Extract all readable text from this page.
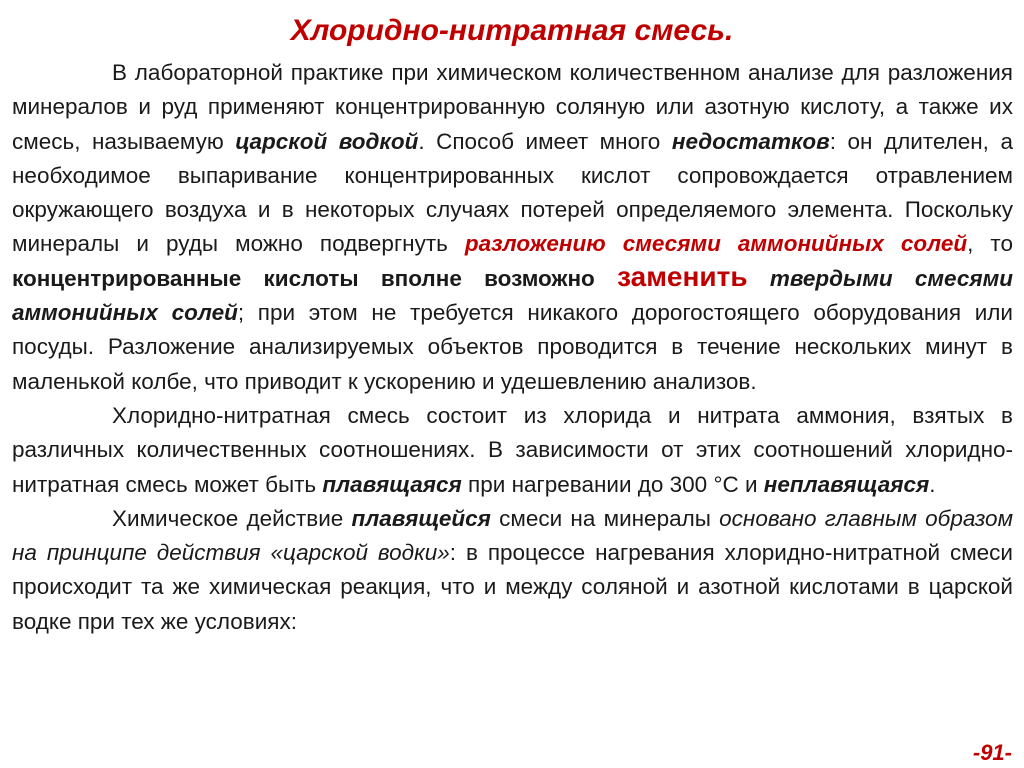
Хлоридно-нитратная смесь.

В лабораторной практике при химическом количественном анализе для разложения минералов и руд применяют концентрированную соляную или азотную кислоту, а также их смесь, называемую царской водкой. Способ имеет много недостатков: он длителен, а необходимое выпаривание концентрированных кислот сопровождается отравлением окружающего воздуха и в некоторых случаях потерей определяемого элемента. Поскольку минералы и руды можно подвергнуть разложению смесями аммонийных солей, то концентрированные кислоты вполне возможно заменить твердыми смесями аммонийных солей; при этом не требуется никакого дорогостоящего оборудования или посуды. Разложение анализируемых объектов проводится в течение нескольких минут в маленькой колбе, что приводит к ускорению и удешевлению анализов.

Хлоридно-нитратная смесь состоит из хлорида и нитрата аммония, взятых в различных количественных соотношениях. В зависимости от этих соотношений хлоридно-нитратная смесь может быть плавящаяся при нагревании до 300 °С и неплавящаяся.

Химическое действие плавящейся смеси на минералы основано главным образом на принципе действия «царской водки»: в процессе нагревания хлоридно-нитратной смеси происходит та же химическая реакция, что и между соляной и азотной кислотами в царской водке при тех же условиях:

-91-
